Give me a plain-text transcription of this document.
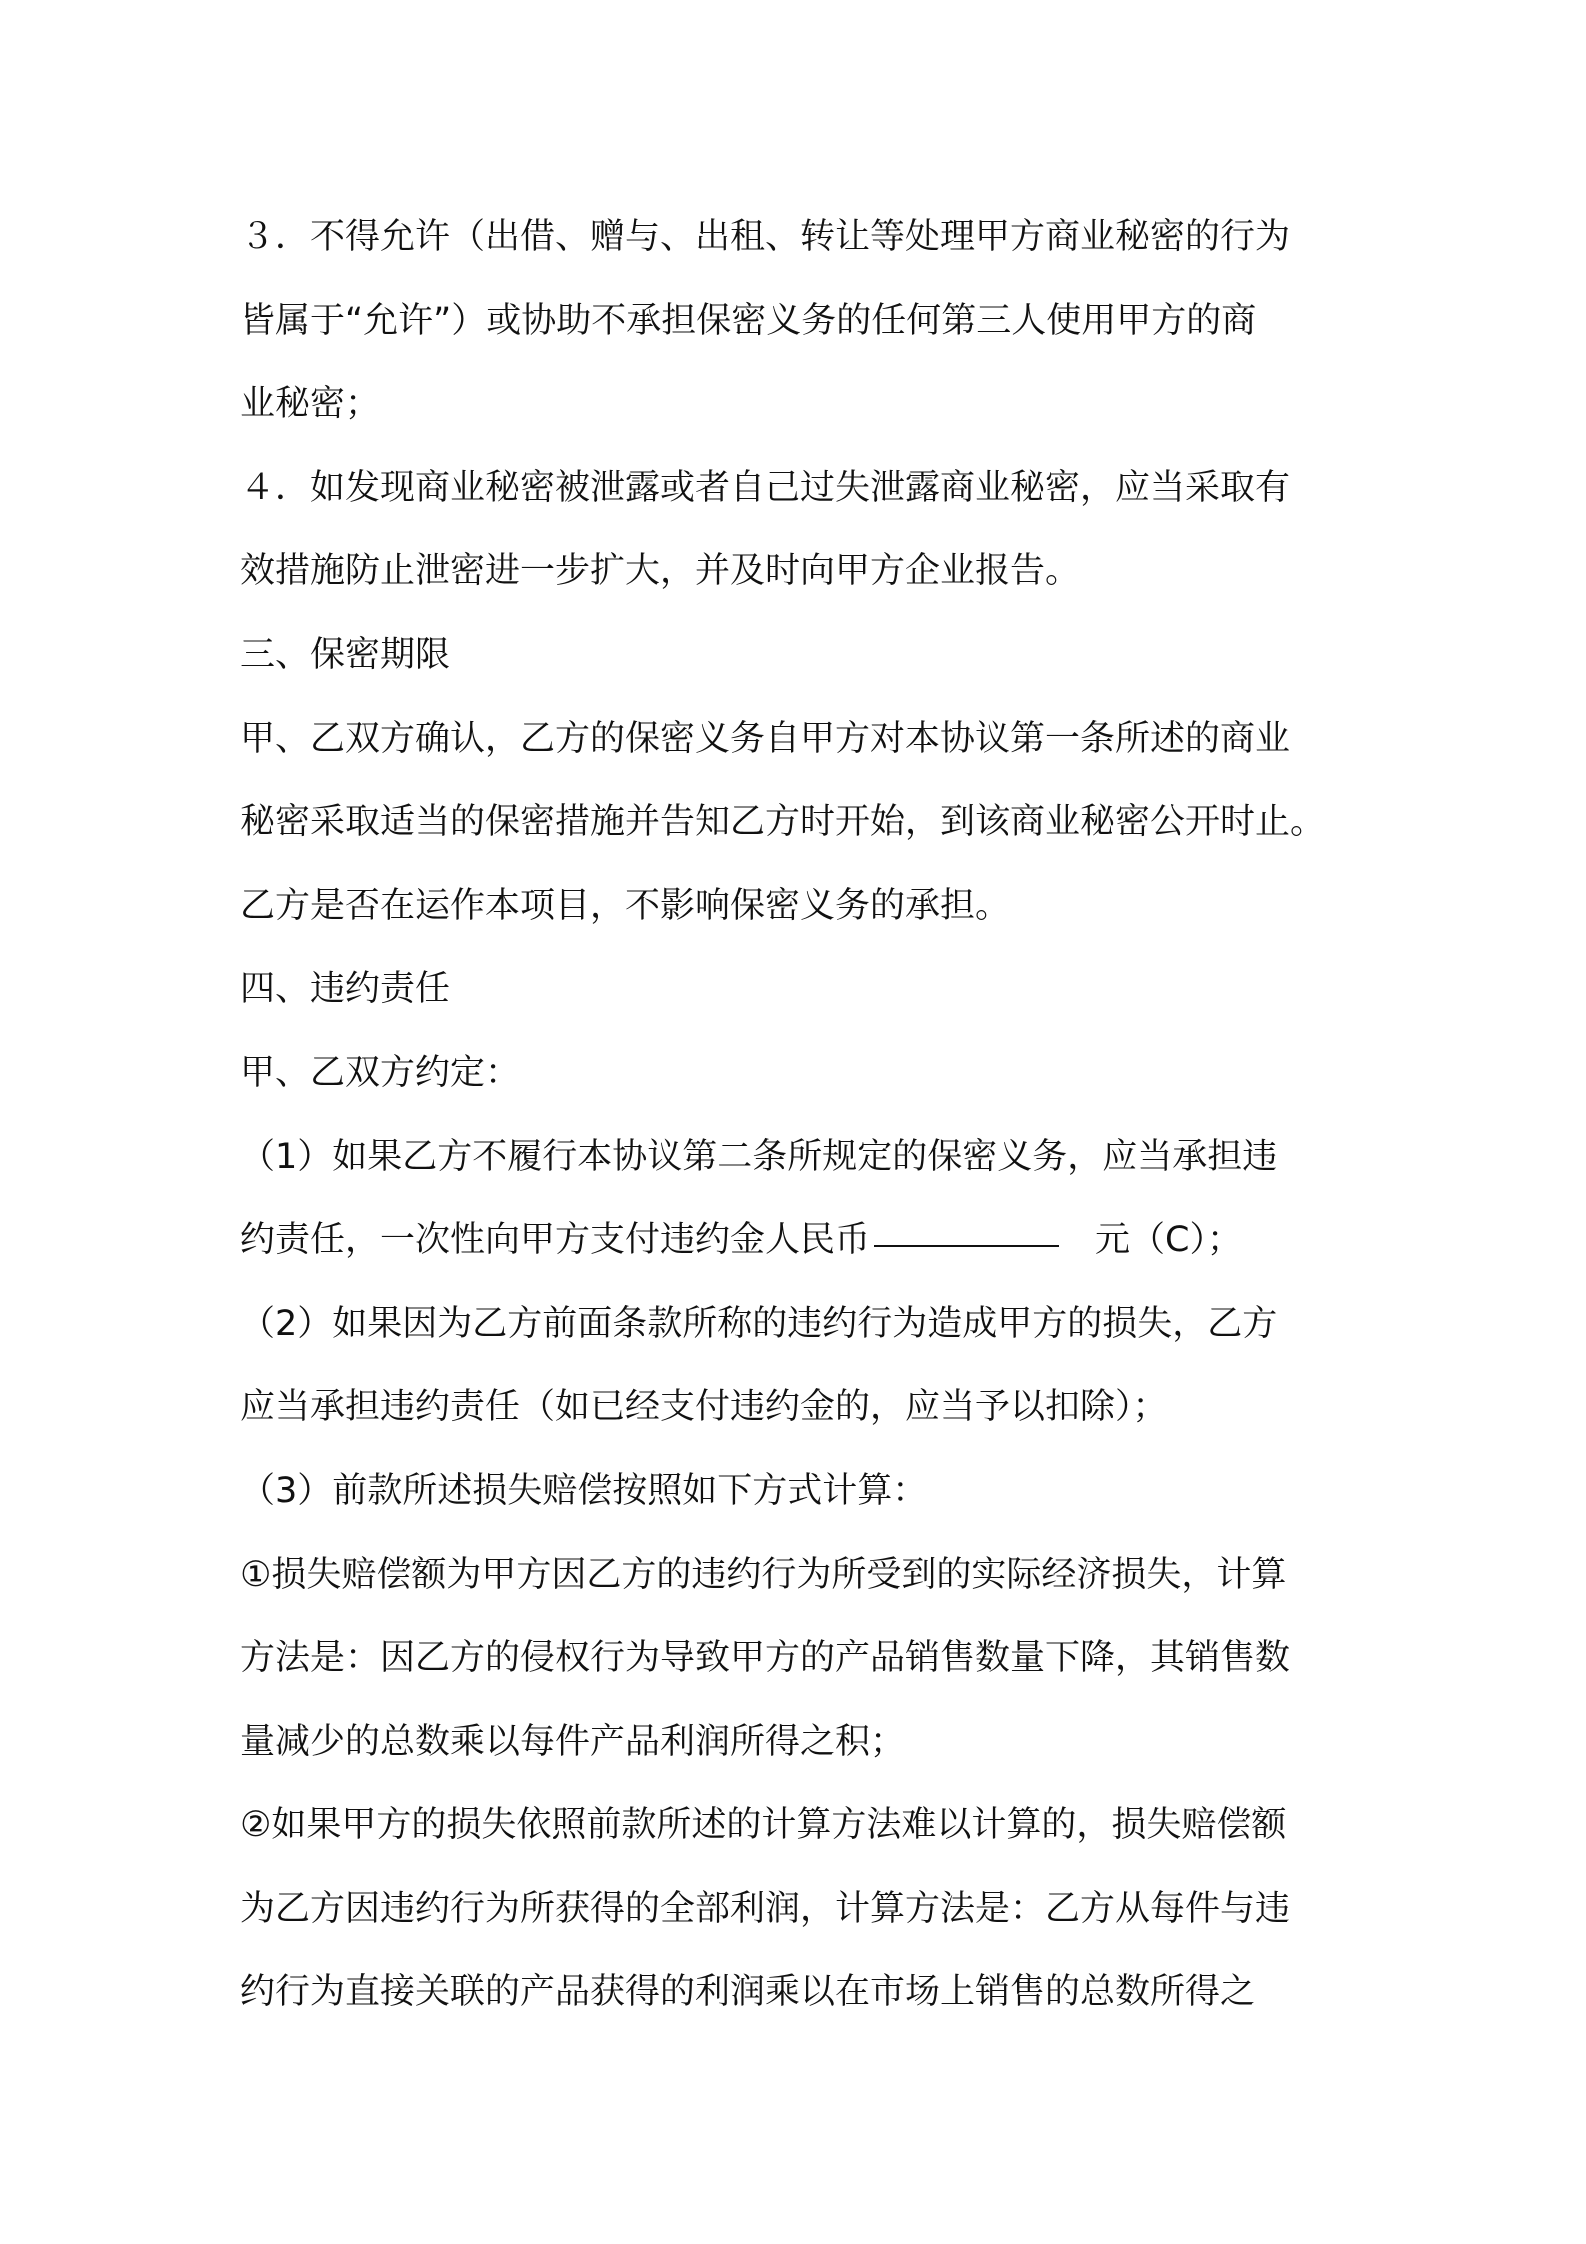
３．不得允许（出借、赠与、出租、转让等处理甲方商业秘密的行为
皆属于“允许”）或协助不承担保密义务的任何第三人使用甲方的商
业秘密；
４．如发现商业秘密被泄露或者自己过失泄露商业秘密，应当采取有
效措施防止泄密进一步扩大，并及时向甲方企业报告。
三、保密期限
甲、乙双方确认，乙方的保密义务自甲方对本协议第一条所述的商业
秘密采取适当的保密措施并告知乙方时开始，到该商业秘密公开时止。
乙方是否在运作本项目，不影响保密义务的承担。
四、违约责任
甲、乙双方约定：
（1）如果乙方不履行本协议第二条所规定的保密义务，应当承担违
约责任，一次性向甲方支付违约金人民币	元（C）；
（2）如果因为乙方前面条款所称的违约行为造成甲方的损失，乙方
应当承担违约责任（如已经支付违约金的，应当予以扣除）；
（3）前款所述损失赔偿按照如下方式计算：
①损失赔偿额为甲方因乙方的违约行为所受到的实际经济损失，计算
方法是：因乙方的侵权行为导致甲方的产品销售数量下降，其销售数
量减少的总数乘以每件产品利润所得之积；
②如果甲方的损失依照前款所述的计算方法难以计算的，损失赔偿额
为乙方因违约行为所获得的全部利润，计算方法是：乙方从每件与违
约行为直接关联的产品获得的利润乘以在市场上销售的总数所得之
